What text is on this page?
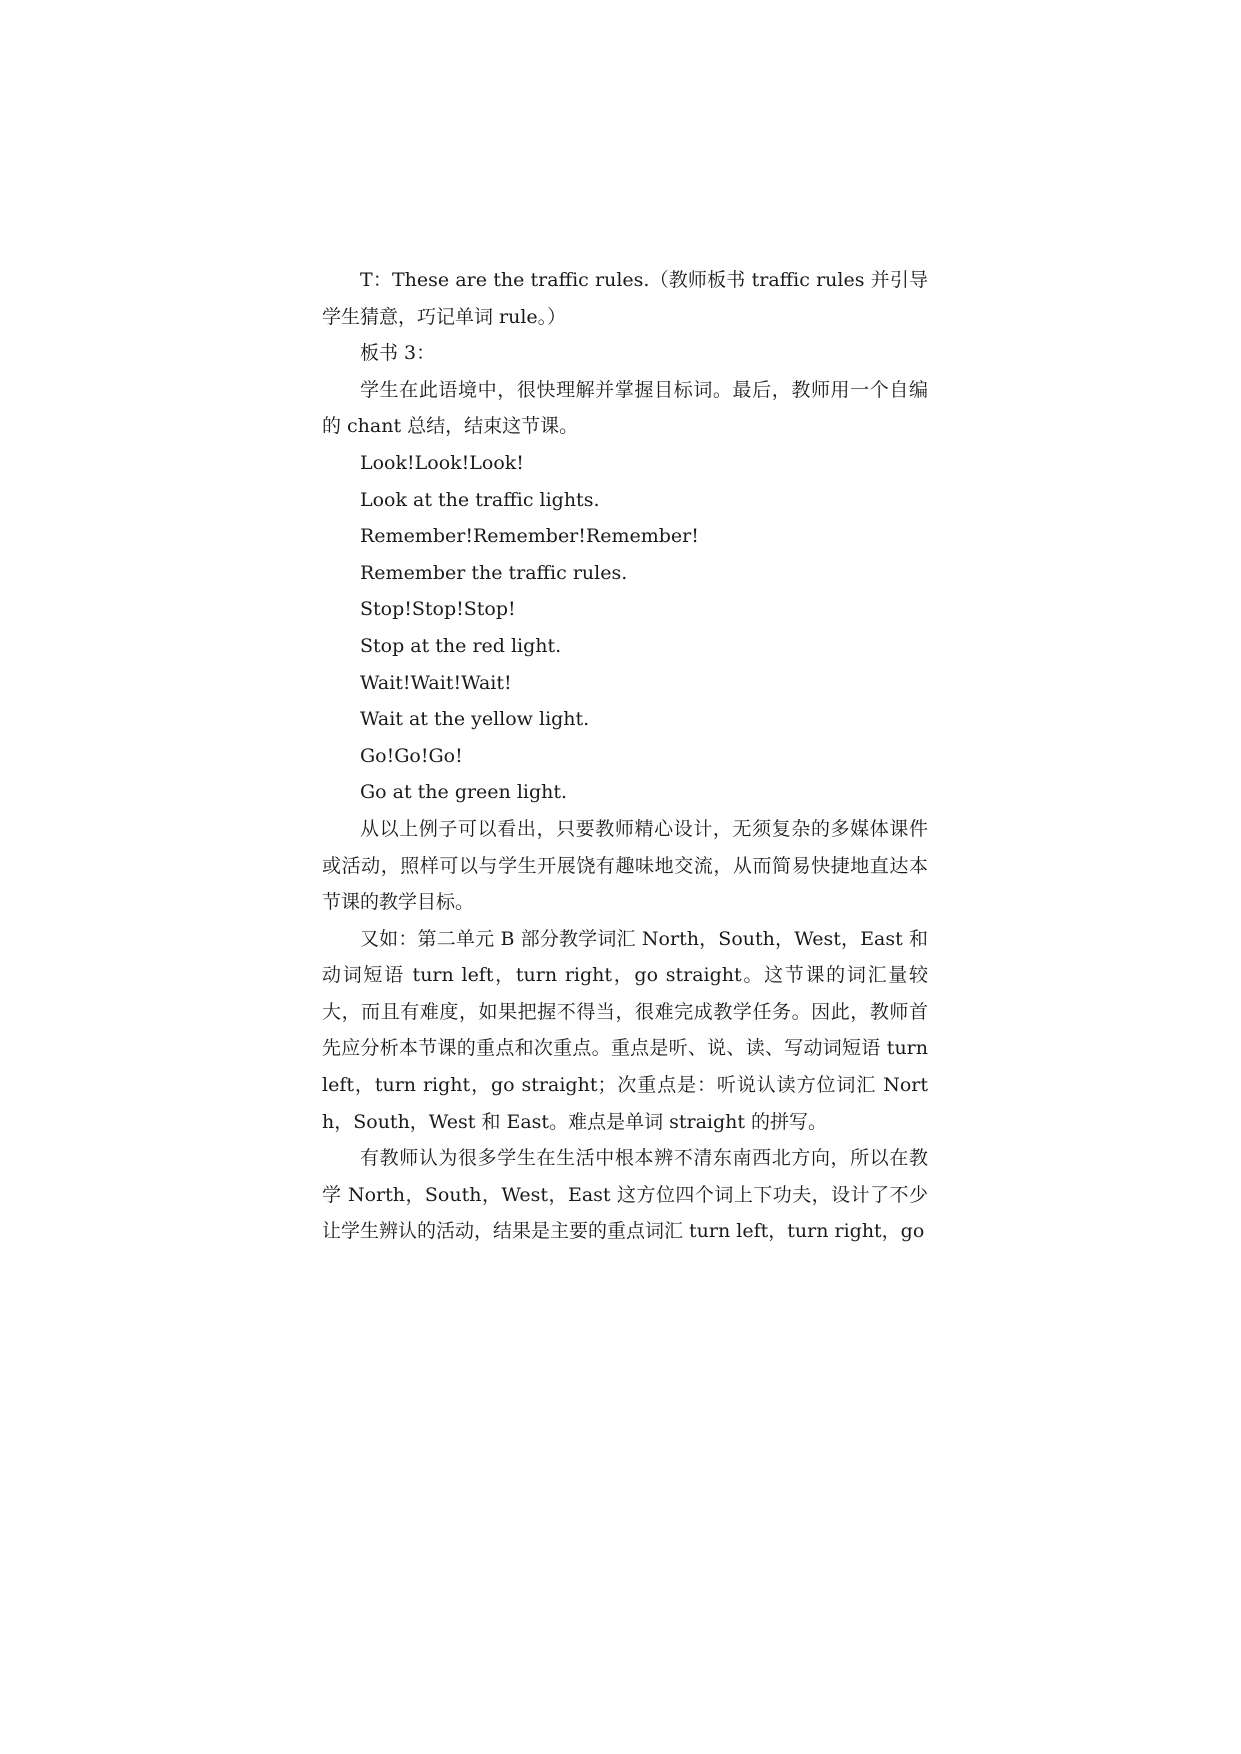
T：These are the traffic rules.（教师板书 traffic rules 并引导学生猜意，巧记单词 rule。）

板书 3：

学生在此语境中，很快理解并掌握目标词。最后，教师用一个自编的 chant 总结，结束这节课。

Look!Look!Look!

Look at the traffic lights.

Remember!Remember!Remember!

Remember the traffic rules.

Stop!Stop!Stop!

Stop at the red light.

Wait!Wait!Wait!

Wait at the yellow light.

Go!Go!Go!

Go at the green light.

从以上例子可以看出，只要教师精心设计，无须复杂的多媒体课件或活动，照样可以与学生开展饶有趣味地交流，从而简易快捷地直达本节课的教学目标。

又如：第二单元 B 部分教学词汇 North，South，West，East 和动词短语 turn left，turn right，go straight。这节课的词汇量较大，而且有难度，如果把握不得当，很难完成教学任务。因此，教师首先应分析本节课的重点和次重点。重点是听、说、读、写动词短语 turn left，turn right，go straight；次重点是：听说认读方位词汇 North，South，West 和 East。难点是单词 straight 的拼写。

有教师认为很多学生在生活中根本辨不清东南西北方向，所以在教学 North，South，West，East 这方位四个词上下功夫，设计了不少让学生辨认的活动，结果是主要的重点词汇 turn left，turn right，go
